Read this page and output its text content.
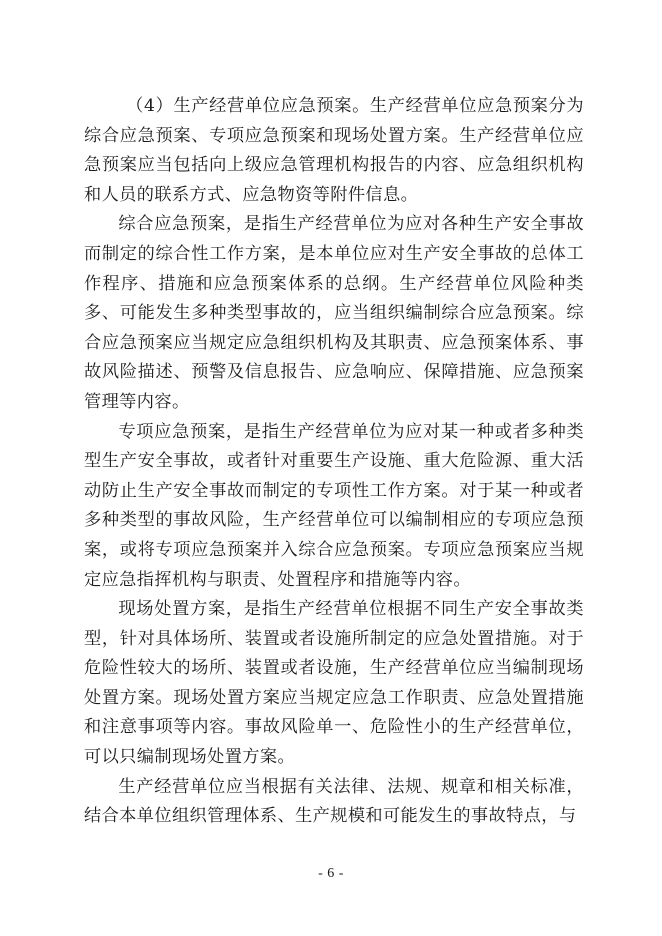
（4）生产经营单位应急预案。生产经营单位应急预案分为综合应急预案、专项应急预案和现场处置方案。生产经营单位应急预案应当包括向上级应急管理机构报告的内容、应急组织机构和人员的联系方式、应急物资等附件信息。

综合应急预案，是指生产经营单位为应对各种生产安全事故而制定的综合性工作方案，是本单位应对生产安全事故的总体工作程序、措施和应急预案体系的总纲。生产经营单位风险种类多、可能发生多种类型事故的，应当组织编制综合应急预案。综合应急预案应当规定应急组织机构及其职责、应急预案体系、事故风险描述、预警及信息报告、应急响应、保障措施、应急预案管理等内容。

专项应急预案，是指生产经营单位为应对某一种或者多种类型生产安全事故，或者针对重要生产设施、重大危险源、重大活动防止生产安全事故而制定的专项性工作方案。对于某一种或者多种类型的事故风险，生产经营单位可以编制相应的专项应急预案，或将专项应急预案并入综合应急预案。专项应急预案应当规定应急指挥机构与职责、处置程序和措施等内容。

现场处置方案，是指生产经营单位根据不同生产安全事故类型，针对具体场所、装置或者设施所制定的应急处置措施。对于危险性较大的场所、装置或者设施，生产经营单位应当编制现场处置方案。现场处置方案应当规定应急工作职责、应急处置措施和注意事项等内容。事故风险单一、危险性小的生产经营单位，可以只编制现场处置方案。

生产经营单位应当根据有关法律、法规、规章和相关标准，结合本单位组织管理体系、生产规模和可能发生的事故特点，与

- 6 -
